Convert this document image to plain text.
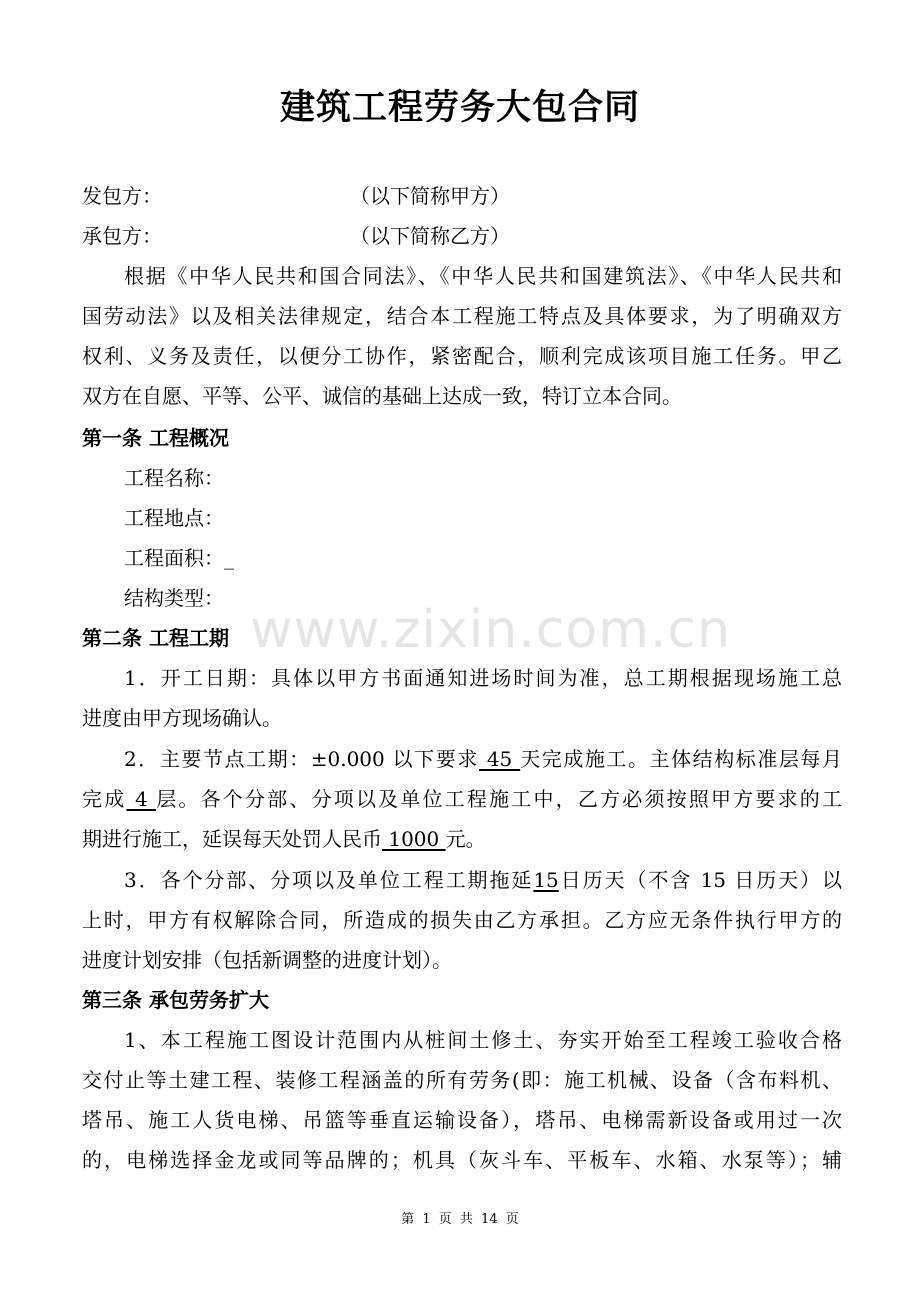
建筑工程劳务大包合同
发包方：	（以下简称甲方）
承包方：	（以下简称乙方）
根据《中华人民共和国合同法》、《中华人民共和国建筑法》、《中华人民共和
国劳动法》以及相关法律规定，结合本工程施工特点及具体要求，为了明确双方
权利、义务及责任，以便分工协作，紧密配合，顺利完成该项目施工任务。甲乙
双方在自愿、平等、公平、诚信的基础上达成一致，特订立本合同。
第一条 工程概况
工程名称：
工程地点：
工程面积：_
结构类型：
第二条 工程工期
1．开工日期：具体以甲方书面通知进场时间为准，总工期根据现场施工总
进度由甲方现场确认。
2．主要节点工期：±0.000 以下要求 45 天完成施工。主体结构标准层每月
完成 4 层。各个分部、分项以及单位工程施工中，乙方必须按照甲方要求的工
期进行施工，延误每天处罚人民币 1000 元。
3．各个分部、分项以及单位工程工期拖延15日历天（不含 15 日历天）以
上时，甲方有权解除合同，所造成的损失由乙方承担。乙方应无条件执行甲方的
进度计划安排（包括新调整的进度计划）。
第三条 承包劳务扩大
1、本工程施工图设计范围内从桩间土修土、夯实开始至工程竣工验收合格
交付止等土建工程、装修工程涵盖的所有劳务(即：施工机械、设备（含布料机、
塔吊、施工人货电梯、吊篮等垂直运输设备），塔吊、电梯需新设备或用过一次
的，电梯选择金龙或同等品牌的；机具（灰斗车、平板车、水箱、水泵等）；辅
www.zixin.com.cn
第 1 页 共 14 页
